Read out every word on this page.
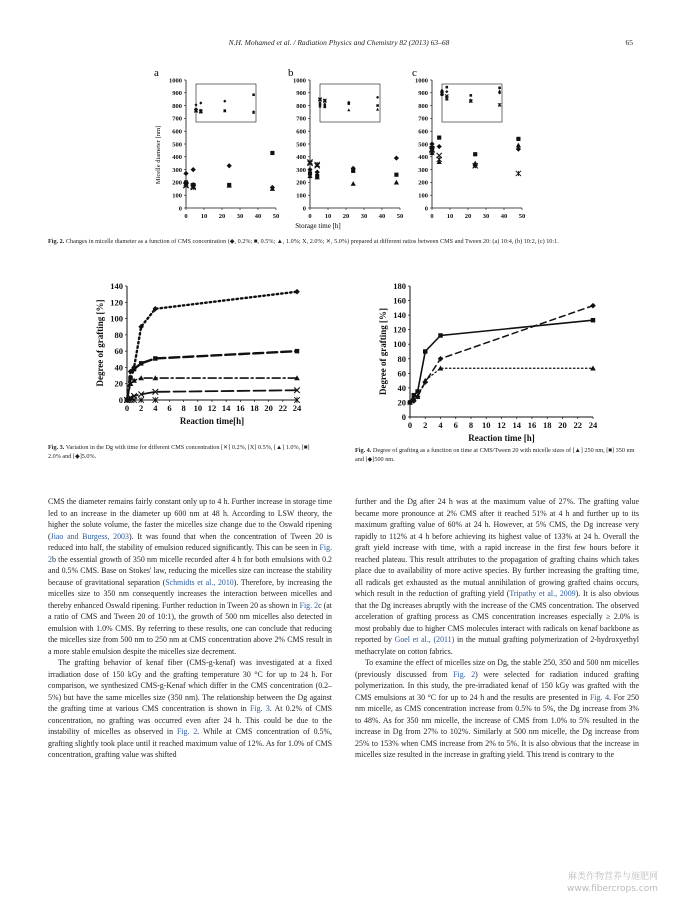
N.H. Mohamed et al. / Radiation Physics and Chemistry 82 (2013) 63–68	65
a	b	c
Micelle diameter [nm]
Storage time [h]
0
100
200
300
400
500
600
700
800
900
1000
0 10 20 30 40 50
0
100
200
300
400
500
600
700
800
900
1000
0 10 20 30 40 50
0
100
200
300
400
500
600
700
800
900
1000
0 10 20 30 40 50
Fig. 2. Changes in micelle diameter as a function of CMS concentration (◆, 0.2%; ■, 0.5%; ▲, 1.0%; X, 2.0%; ✕, 5.0%) prepared at different ratios between CMS and Tween 20: (a) 10:4, (b) 10:2, (c) 10:1.
0
20
40
60
80
100
120
140
0 2 4 6 8 10 12 14 16 18 20 22 24
Reaction time[h]
Degree of grafting [%]
Fig. 3. Variation in the Dg with time for different CMS concentration [✕] 0.2%, [X] 0.5%, [▲] 1.0%, [■] 2.0% and [◆]5.0%.
0
20
40
60
80
100
120
140
160
180
0 2 4 6 8 10 12 14 16 18 20 22 24
Reaction time [h]
Degree of grafting [%]
Fig. 4. Degree of grafting as a function on time at CMS/Tween 20 with micelle sizes of [▲] 250 nm, [■] 350 nm and [◆]500 nm.

CMS the diameter remains fairly constant only up to 4 h. Further increase in storage time led to an increase in the diameter up 600 nm at 48 h. According to LSW theory, the higher the solute volume, the faster the micelles size change due to the Oswald ripening (Jiao and Burgess, 2003). It was found that when the concentration of Tween 20 is reduced into half, the stability of emulsion reduced significantly. This can be seen in Fig. 2b the essential growth of 350 nm micelle recorded after 4 h for both emulsions with 0.2 and 0.5% CMS. Base on Stokes' law, reducing the micelles size can increase the stability because of gravitational separation (Schmidts et al., 2010). Therefore, by increasing the micelles size to 350 nm consequently increases the interaction between micelles and thereby enhanced Oswald ripening. Further reduction in Tween 20 as shown in Fig. 2c (at a ratio of CMS and Tween 20 of 10:1), the growth of 500 nm micelles also detected in emulsion with 1.0% CMS. By referring to these results, one can conclude that reducing the micelles size from 500 nm to 250 nm at CMS concentration above 2% CMS result in a more stable emulsion despite the micelles size decrement.

The grafting behavior of kenaf fiber (CMS-g-kenaf) was investigated at a fixed irradiation dose of 150 kGy and the grafting temperature 30 °C for up to 24 h. For comparison, we synthesized CMS-g-Kenaf which differ in the CMS concentration (0.2–5%) but have the same micelles size (350 nm). The relationship between the Dg against the grafting time at various CMS concentration is shown in Fig. 3. At 0.2% of CMS concentration, no grafting was occurred even after 24 h. This could be due to the instability of micelles as observed in Fig. 2. While at CMS concentration of 0.5%, grafting slightly took place until it reached maximum value of 12%. As for 1.0% of CMS concentration, grafting value was shifted

further and the Dg after 24 h was at the maximum value of 27%. The grafting value became more pronounce at 2% CMS after it reached 51% at 4 h and further up to its maximum grafting value of 60% at 24 h. However, at 5% CMS, the Dg increase very rapidly to 112% at 4 h before achieving its highest value of 133% at 24 h. Overall the graft yield increase with time, with a rapid increase in the first few hours before it reached plateau. This result attributes to the propagation of grafting chains which takes place due to availability of more active species. By further increasing the grafting time, all radicals get exhausted as the mutual annihilation of growing grafted chains occurs, which result in the reduction of grafting yield (Tripathy et al., 2009). It is also obvious that the Dg increases abruptly with the increase of the CMS concentration. The observed acceleration of grafting process as CMS concentration increases especially ≥ 2.0% is most probably due to higher CMS molecules interact with radicals on kenaf backbone as reported by Goel et al., (2011) in the mutual grafting polymerization of 2-hydroxyethyl methacrylate on cotton fabrics.

To examine the effect of micelles size on Dg, the stable 250, 350 and 500 nm micelles (previously discussed from Fig. 2) were selected for radiation induced grafting polymerization. In this study, the pre-irradiated kenaf of 150 kGy was grafted with the CMS emulsions at 30 °C for up to 24 h and the results are presented in Fig. 4. For 250 nm micelle, as CMS concentration increase from 0.5% to 5%, the Dg increase from 3% to 48%. As for 350 nm micelle, the increase of CMS from 1.0% to 5% resulted in the increase in Dg from 27% to 102%. Similarly at 500 nm micelle, the Dg increase from 25% to 153% when CMS increase from 2% to 5%. It is also obvious that the increase in micelles size resulted in the increase in grafting yield. This trend is contrary to the

麻类作物营养与施肥网
www.fibercrops.com
